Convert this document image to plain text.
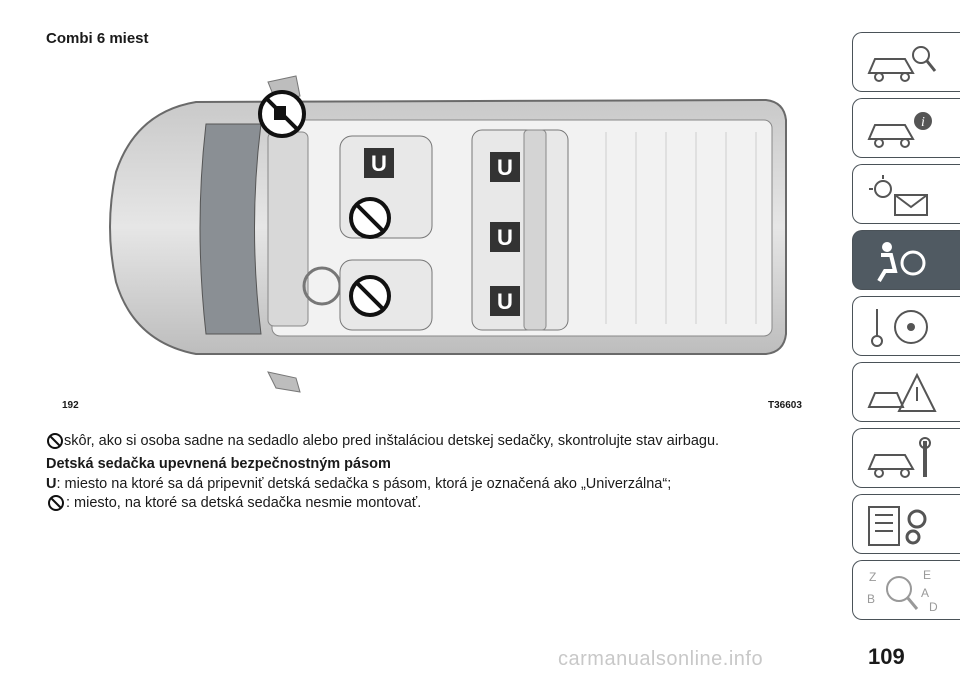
Combi 6 miest
U	U
U
U
192	T36603
skôr, ako si osoba sadne na sedadlo alebo pred inštaláciou detskej sedačky, skontrolujte stav airbagu.
Detská sedačka upevnená bezpečnostným pásom
U: miesto na ktoré sa dá pripevniť detská sedačka s pásom, ktorá je označená ako „Univerzálna“;
: miesto, na ktoré sa detská sedačka nesmie montovať.
i
Z	E
A
B
D
carmanualsonline.info	109
